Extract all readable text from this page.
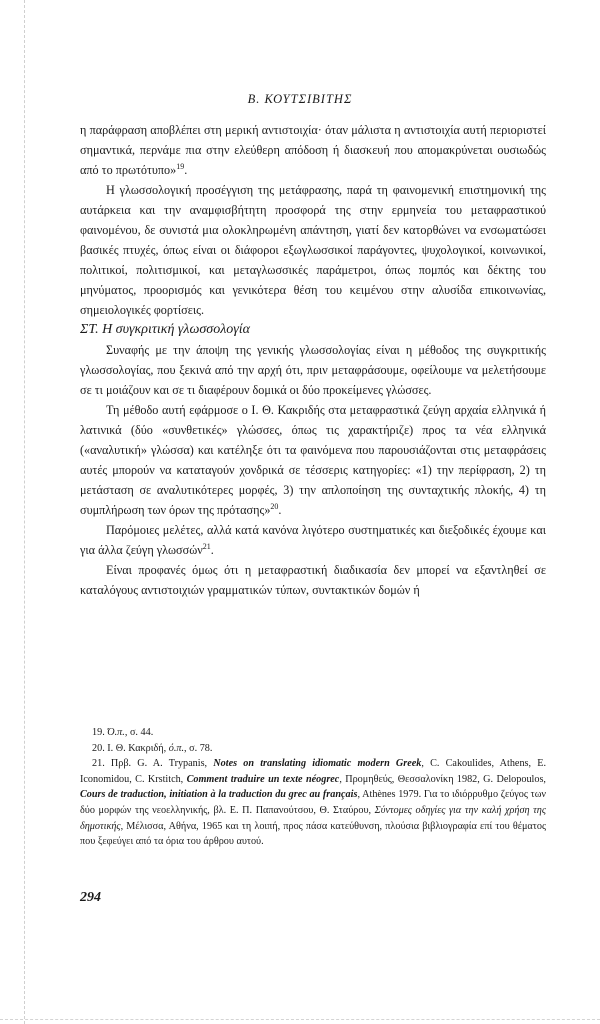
Β. ΚΟΥΤΣΙΒΙΤΗΣ

η παράφραση αποβλέπει στη μερική αντιστοιχία· όταν μάλιστα η αντιστοιχία αυτή περιοριστεί σημαντικά, περνάμε πια στην ελεύθερη απόδοση ή διασκευή που απομακρύνεται ουσιωδώς από το πρωτότυπο»$^{19}$.

Η γλωσσολογική προσέγγιση της μετάφρασης, παρά τη φαινομενική επιστημονική της αυτάρκεια και την αναμφισβήτητη προσφορά της στην ερμηνεία του μεταφραστικού φαινομένου, δε συνιστά μια ολοκληρωμένη απάντηση, γιατί δεν κατορθώνει να ενσωματώσει βασικές πτυχές, όπως είναι οι διάφοροι εξωγλωσσικοί παράγοντες, ψυχολογικοί, κοινωνικοί, πολιτικοί, πολιτισμικοί, και μεταγλωσσικές παράμετροι, όπως πομπός και δέκτης του μηνύματος, προορισμός και γενικότερα θέση του κειμένου στην αλυσίδα επικοινωνίας, σημειολογικές φορτίσεις.

ΣΤ. Η συγκριτική γλωσσολογία

Συναφής με την άποψη της γενικής γλωσσολογίας είναι η μέθοδος της συγκριτικής γλωσσολογίας, που ξεκινά από την αρχή ότι, πριν μεταφράσουμε, οφείλουμε να μελετήσουμε σε τι μοιάζουν και σε τι διαφέρουν δομικά οι δύο προκείμενες γλώσσες.

Τη μέθοδο αυτή εφάρμοσε ο Ι. Θ. Κακριδής στα μεταφραστικά ζεύγη αρχαία ελληνικά ή λατινικά (δύο «συνθετικές» γλώσσες, όπως τις χαρακτήριζε) προς τα νέα ελληνικά («αναλυτική» γλώσσα) και κατέληξε ότι τα φαινόμενα που παρουσιάζονται στις μεταφράσεις αυτές μπορούν να καταταγούν χονδρικά σε τέσσερις κατηγορίες: «1) την περίφραση, 2) τη μετάσταση σε αναλυτικότερες μορφές, 3) την απλοποίηση της συνταχτικής πλοκής, 4) τη συμπλήρωση των όρων της πρότασης»$^{20}$.

Παρόμοιες μελέτες, αλλά κατά κανόνα λιγότερο συστηματικές και διεξοδικές έχουμε και για άλλα ζεύγη γλωσσών$^{21}$.

Είναι προφανές όμως ότι η μεταφραστική διαδικασία δεν μπορεί να εξαντληθεί σε καταλόγους αντιστοιχιών γραμματικών τύπων, συντακτικών δομών ή

19. Ό.π., σ. 44.

20. Ι. Θ. Κακριδή, ό.π., σ. 78.

21. Πρβ. G. A. Trypanis, Notes on translating idiomatic modern Greek, C. Cakoulides, Athens, E. Iconomidou, C. Krstitch, Comment traduire un texte néogrec, Προμηθεύς, Θεσσαλονίκη 1982, G. Delopoulos, Cours de traduction, initiation à la traduction du grec au français, Athènes 1979. Για το ιδιόρρυθμο ζεύγος των δύο μορφών της νεοελληνικής, βλ. Ε. Π. Παπανούτσου, Θ. Σταύρου, Σύντομες οδηγίες για την καλή χρήση της δημοτικής, Μέλισσα, Αθήνα, 1965 και τη λοιπή, προς πάσα κατεύθυνση, πλούσια βιβλιογραφία επί του θέματος που ξεφεύγει από τα όρια του άρθρου αυτού.

294
